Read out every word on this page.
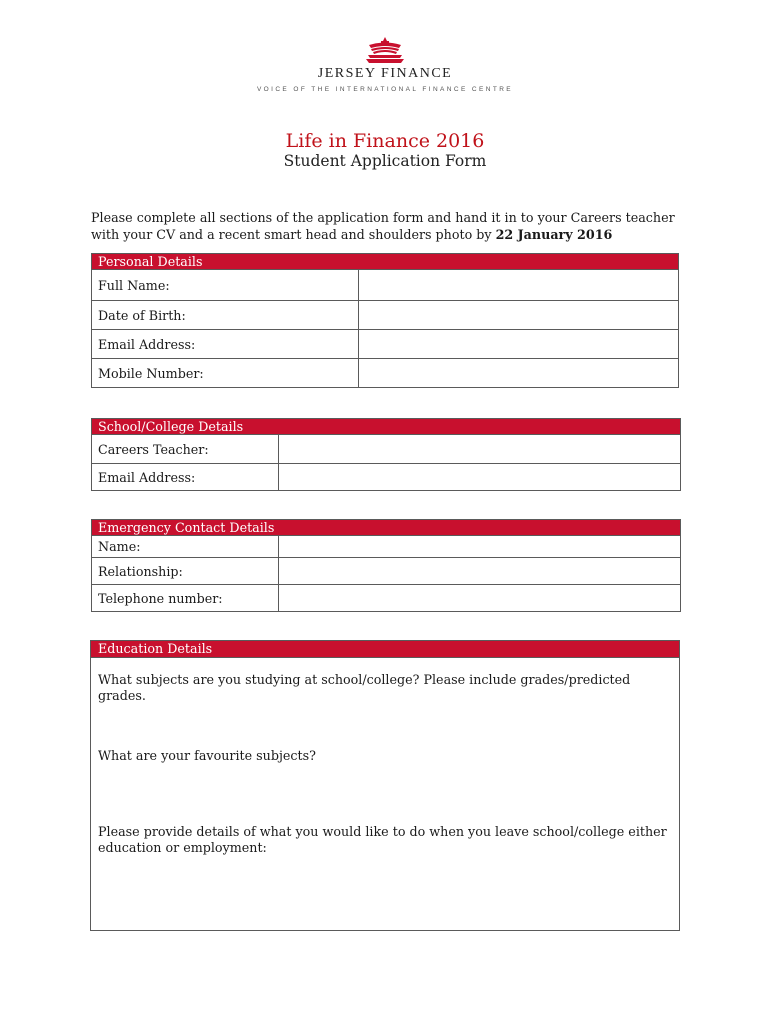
JERSEY FINANCE
VOICE OF THE INTERNATIONAL FINANCE CENTRE
Life in Finance 2016
Student Application Form
Please complete all sections of the application form and hand it in to your Careers teacher with your CV and a recent smart head and shoulders photo by 22 January 2016
Personal Details	
Full Name:	
Date of Birth:	
Email Address:	
Mobile Number:	
School/College Details	
Careers Teacher:	
Email Address:	
Emergency Contact Details	
Name:	
Relationship:	
Telephone number:	
Education Details
What subjects are you studying at school/college? Please include grades/predicted grades.
What are your favourite subjects?
Please provide details of what you would like to do when you leave school/college either education or employment:
